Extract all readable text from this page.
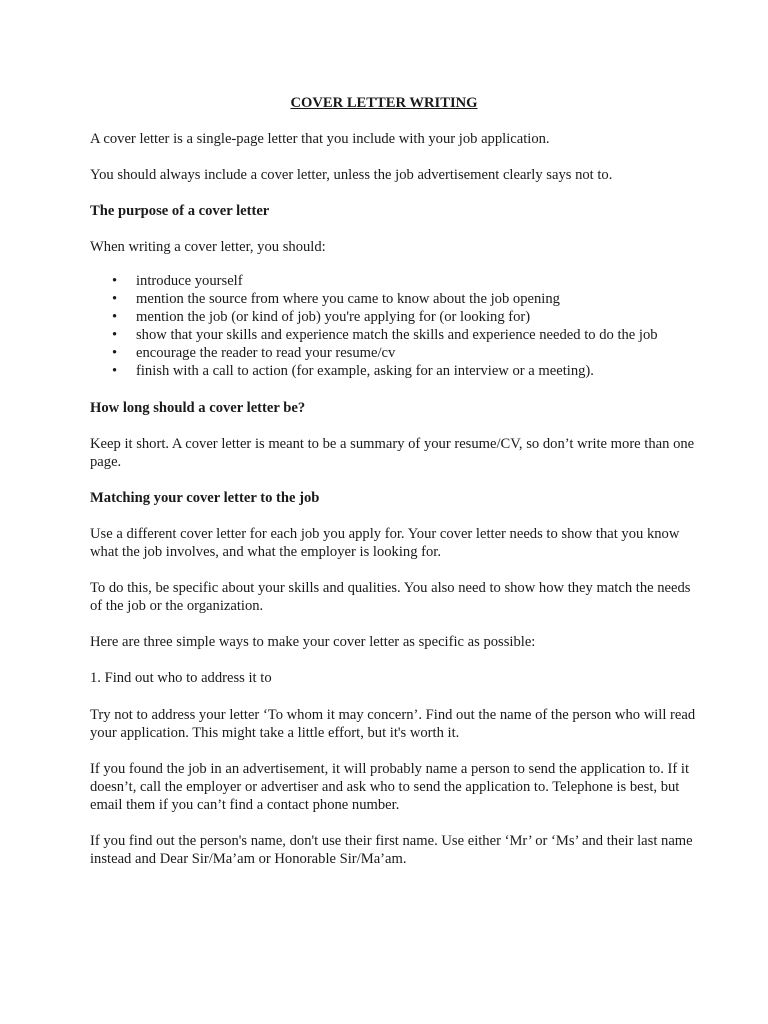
COVER LETTER WRITING

A cover letter is a single-page letter that you include with your job application.

You should always include a cover letter, unless the job advertisement clearly says not to.

The purpose of a cover letter

When writing a cover letter, you should:

• introduce yourself
• mention the source from where you came to know about the job opening
• mention the job (or kind of job) you're applying for (or looking for)
• show that your skills and experience match the skills and experience needed to do the job
• encourage the reader to read your resume/cv
• finish with a call to action (for example, asking for an interview or a meeting).

How long should a cover letter be?

Keep it short. A cover letter is meant to be a summary of your resume/CV, so don’t write more than one page.

Matching your cover letter to the job

Use a different cover letter for each job you apply for. Your cover letter needs to show that you know what the job involves, and what the employer is looking for.

To do this, be specific about your skills and qualities. You also need to show how they match the needs of the job or the organization.

Here are three simple ways to make your cover letter as specific as possible:

1. Find out who to address it to

Try not to address your letter ‘To whom it may concern’. Find out the name of the person who will read your application. This might take a little effort, but it's worth it.

If you found the job in an advertisement, it will probably name a person to send the application to. If it doesn’t, call the employer or advertiser and ask who to send the application to. Telephone is best, but email them if you can’t find a contact phone number.

If you find out the person's name, don't use their first name. Use either ‘Mr’ or ‘Ms’ and their last name instead and Dear Sir/Ma’am or Honorable Sir/Ma’am.
